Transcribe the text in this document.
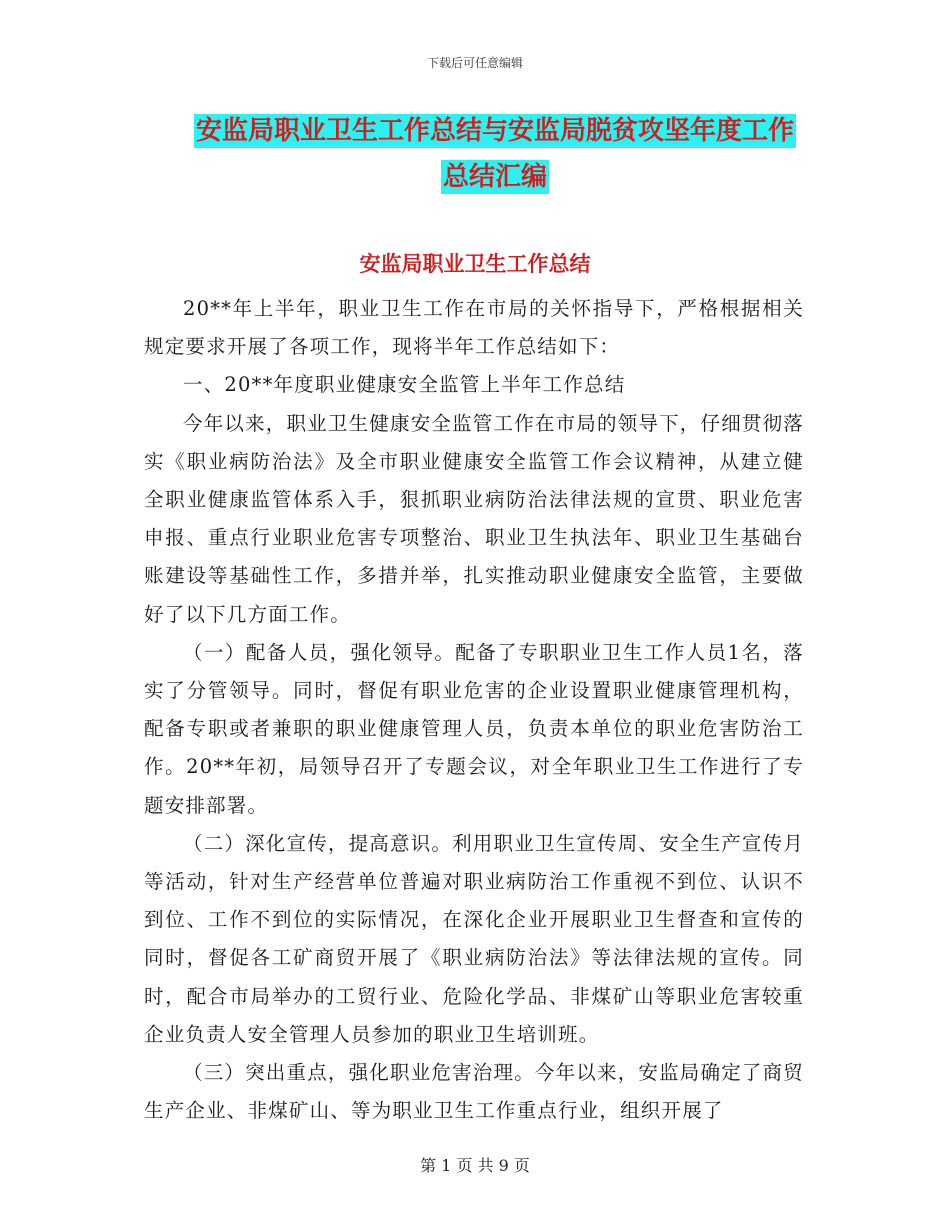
下载后可任意编辑
安监局职业卫生工作总结与安监局脱贫攻坚年度工作
总结汇编
安监局职业卫生工作总结

20**年上半年，职业卫生工作在市局的关怀指导下，严格根据相关规定要求开展了各项工作，现将半年工作总结如下：

一、20**年度职业健康安全监管上半年工作总结

今年以来，职业卫生健康安全监管工作在市局的领导下，仔细贯彻落实《职业病防治法》及全市职业健康安全监管工作会议精神，从建立健全职业健康监管体系入手，狠抓职业病防治法律法规的宣贯、职业危害申报、重点行业职业危害专项整治、职业卫生执法年、职业卫生基础台账建设等基础性工作，多措并举，扎实推动职业健康安全监管，主要做好了以下几方面工作。

（一）配备人员，强化领导。配备了专职职业卫生工作人员1名，落实了分管领导。同时，督促有职业危害的企业设置职业健康管理机构，配备专职或者兼职的职业健康管理人员，负责本单位的职业危害防治工作。20**年初，局领导召开了专题会议，对全年职业卫生工作进行了专题安排部署。

（二）深化宣传，提高意识。利用职业卫生宣传周、安全生产宣传月等活动，针对生产经营单位普遍对职业病防治工作重视不到位、认识不到位、工作不到位的实际情况，在深化企业开展职业卫生督查和宣传的同时，督促各工矿商贸开展了《职业病防治法》等法律法规的宣传。同时，配合市局举办的工贸行业、危险化学品、非煤矿山等职业危害较重企业负责人安全管理人员参加的职业卫生培训班。

（三）突出重点，强化职业危害治理。今年以来，安监局确定了商贸生产企业、非煤矿山、等为职业卫生工作重点行业，组织开展了

第 1 页 共 9 页
